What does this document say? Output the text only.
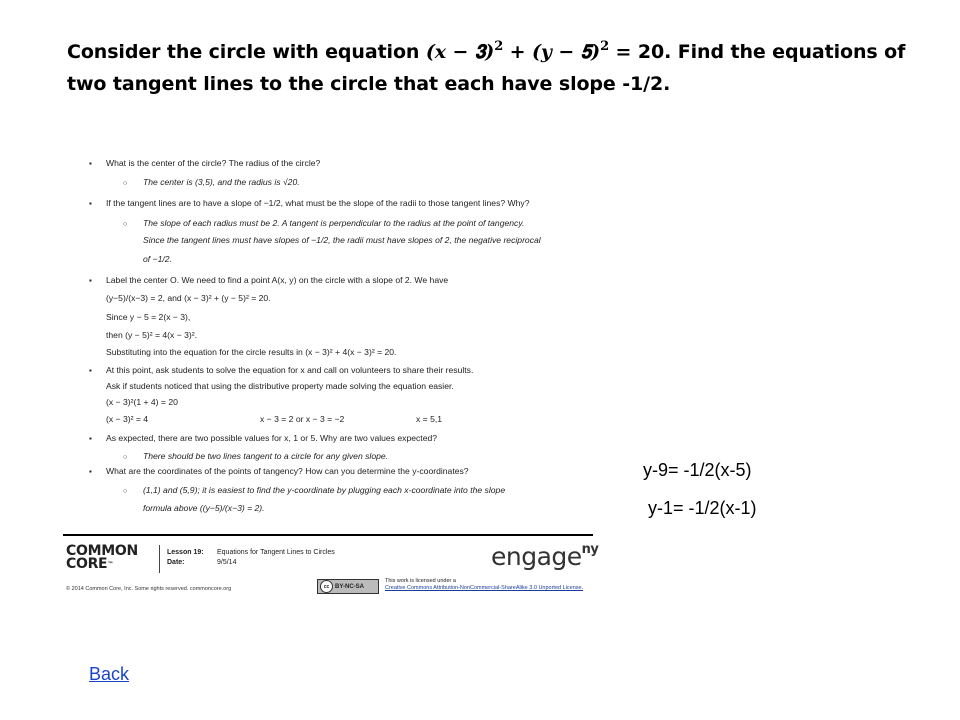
Consider the circle with equation (𝒙 − 𝟑)$^2$ + (𝒚 − 𝟓)$^2$ = 20. Find the equations of two tangent lines to the circle that each have slope -1/2.
▪ What is the center of the circle? The radius of the circle?
○ The center is (3,5), and the radius is √20.
▪ If the tangent lines are to have a slope of −1/2, what must be the slope of the radii to those tangent lines? Why?
○ The slope of each radius must be 2. A tangent is perpendicular to the radius at the point of tangency.
Since the tangent lines must have slopes of −1/2, the radii must have slopes of 2, the negative reciprocal
of −1/2.
▪ Label the center O. We need to find a point A(x, y) on the circle with a slope of 2. We have
(y−5)/(x−3) = 2, and (x − 3)² + (y − 5)² = 20.
Since y − 5 = 2(x − 3),
then (y − 5)² = 4(x − 3)².
Substituting into the equation for the circle results in (x − 3)² + 4(x − 3)² = 20.
▪ At this point, ask students to solve the equation for x and call on volunteers to share their results.
Ask if students noticed that using the distributive property made solving the equation easier.
(x − 3)²(1 + 4) = 20
(x − 3)² = 4	x − 3 = 2 or x − 3 = −2	x = 5,1
▪ As expected, there are two possible values for x, 1 or 5. Why are two values expected?
○ There should be two lines tangent to a circle for any given slope.
▪ What are the coordinates of the points of tangency? How can you determine the y-coordinates?
○ (1,1) and (5,9); it is easiest to find the y-coordinate by plugging each x-coordinate into the slope
formula above ((y−5)/(x−3) = 2).
COMMON
CORE™
Lesson 19: Equations for Tangent Lines to Circles
Date:	9/5/14
© 2014 Common Core, Inc. Some rights reserved. commoncore.org
engage$^{ny}$
cc BY-NC-SA
This work is licensed under a
Creative Commons Attribution-NonCommercial-ShareAlike 3.0 Unported License.
y-9= -1/2(x-5)
y-1= -1/2(x-1)
Back
